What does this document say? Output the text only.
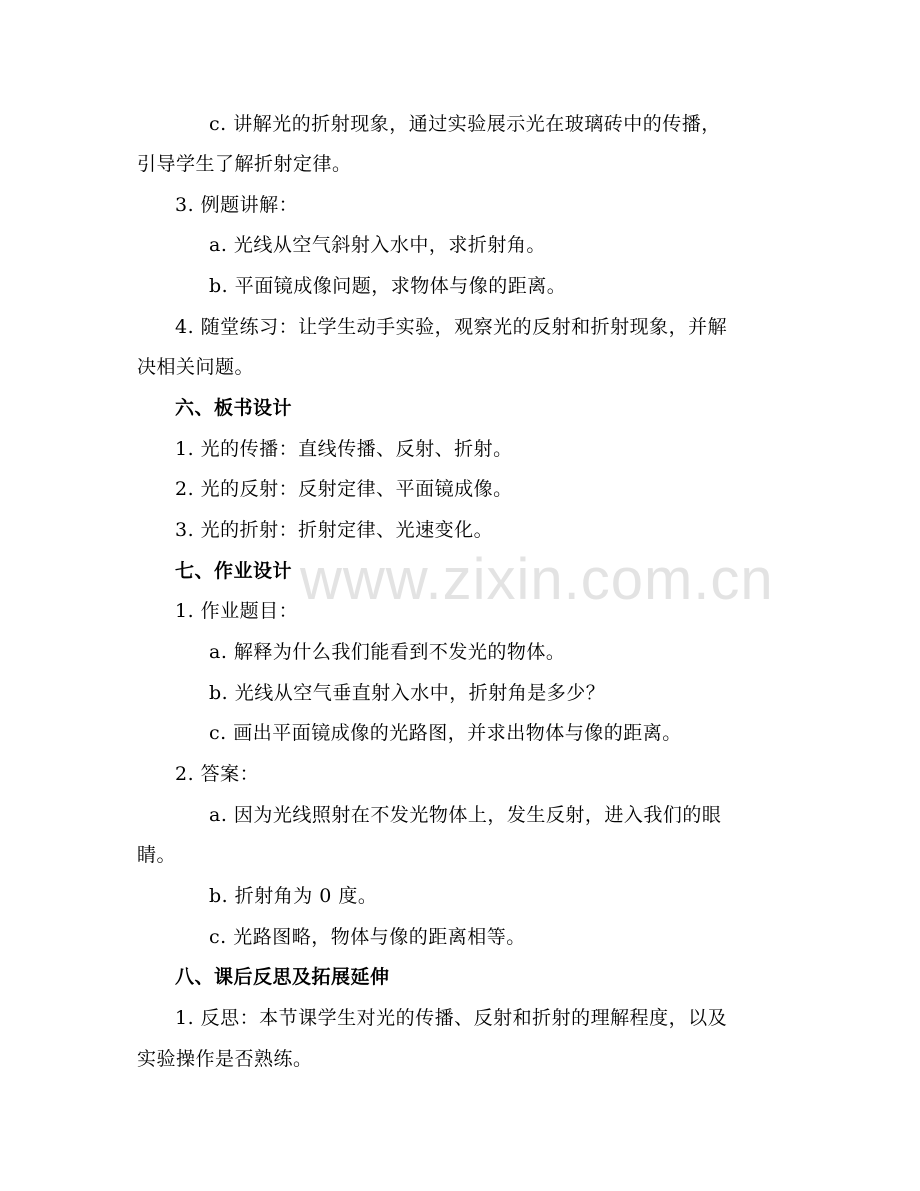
www.zixin.com.cn
c. 讲解光的折射现象，通过实验展示光在玻璃砖中的传播，
引导学生了解折射定律。
3. 例题讲解：
a. 光线从空气斜射入水中，求折射角。
b. 平面镜成像问题，求物体与像的距离。
4. 随堂练习：让学生动手实验，观察光的反射和折射现象，并解
决相关问题。
六、板书设计
1. 光的传播：直线传播、反射、折射。
2. 光的反射：反射定律、平面镜成像。
3. 光的折射：折射定律、光速变化。
七、作业设计
1. 作业题目：
a. 解释为什么我们能看到不发光的物体。
b. 光线从空气垂直射入水中，折射角是多少？
c. 画出平面镜成像的光路图，并求出物体与像的距离。
2. 答案：
a. 因为光线照射在不发光物体上，发生反射，进入我们的眼
睛。
b. 折射角为 0 度。
c. 光路图略，物体与像的距离相等。
八、课后反思及拓展延伸
1. 反思：本节课学生对光的传播、反射和折射的理解程度，以及
实验操作是否熟练。
